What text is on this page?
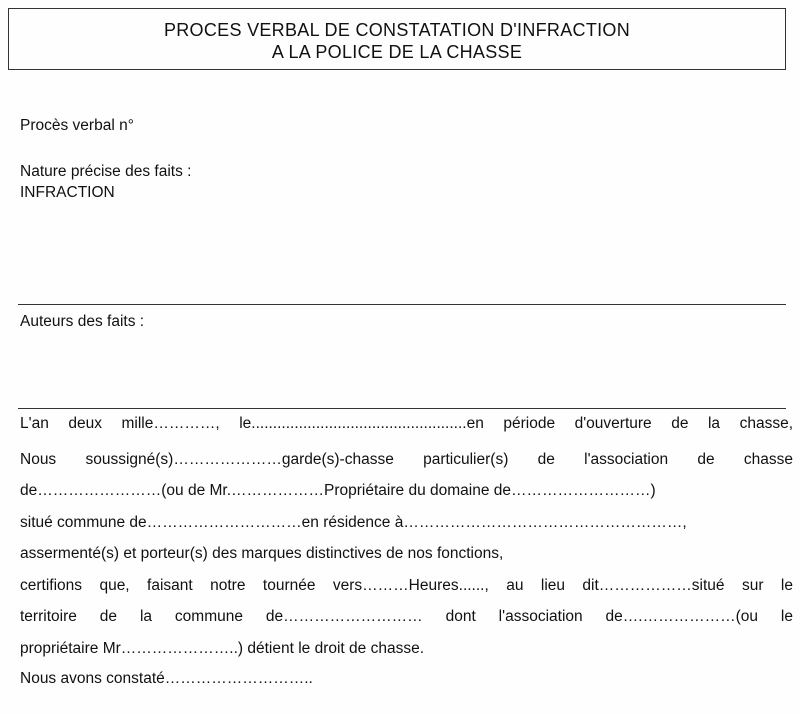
PROCES VERBAL DE CONSTATATION D'INFRACTION
A LA POLICE DE LA CHASSE
Procès verbal n°
Nature précise des faits :
INFRACTION
Auteurs des faits :
L'an deux mille…………, le..................................................en période d'ouverture de la chasse,
Nous soussigné(s)…………………garde(s)-chasse particulier(s) de l'association de chasse
de……………………(ou de Mr.………………Propriétaire du domaine de………………………)
situé commune de…………………………en résidence à………………………………………………,
assermenté(s) et porteur(s) des marques distinctives de nos fonctions,
certifions que, faisant notre tournée vers………Heures......, au lieu dit………………situé sur le
territoire de la commune de……………………… dont l'association de….………………(ou le
propriétaire Mr…………………..) détient le droit de chasse.
Nous avons constaté………………………..
